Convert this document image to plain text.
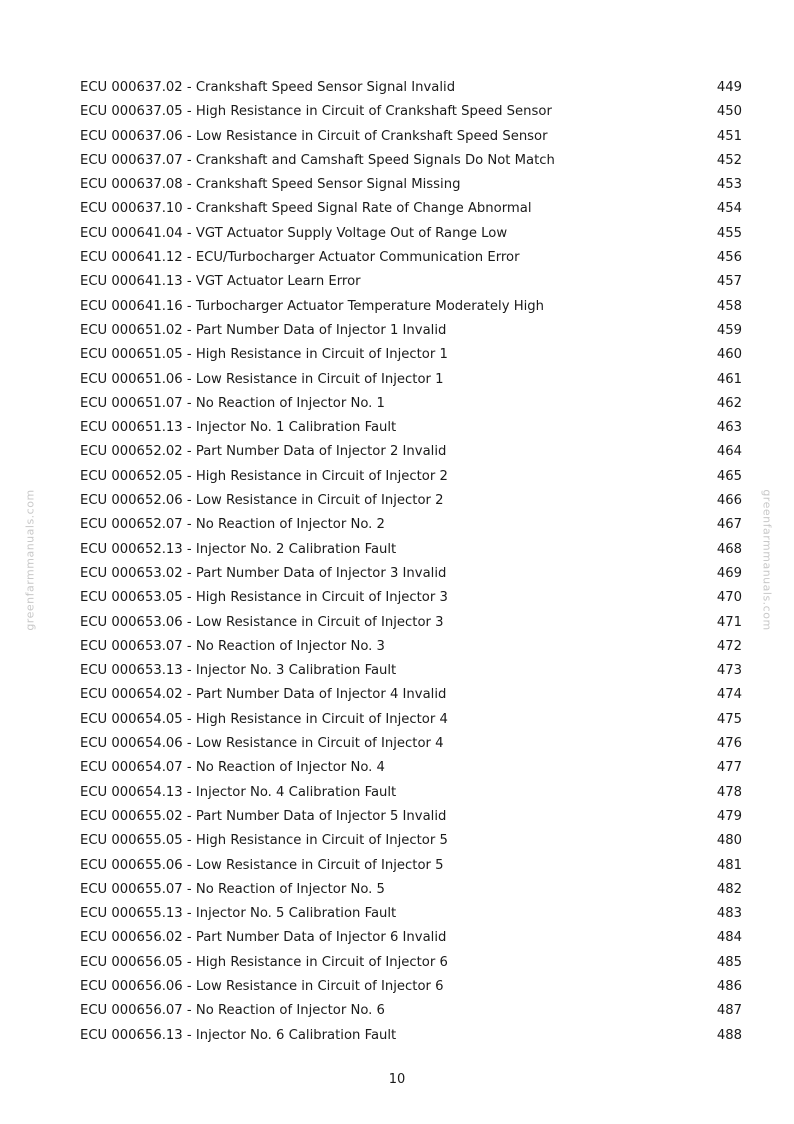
greenfarmmanuals.com	greenfarmmanuals.com
ECU 000637.02 - Crankshaft Speed Sensor Signal Invalid	449
ECU 000637.05 - High Resistance in Circuit of Crankshaft Speed Sensor	450
ECU 000637.06 - Low Resistance in Circuit of Crankshaft Speed Sensor	451
ECU 000637.07 - Crankshaft and Camshaft Speed Signals Do Not Match	452
ECU 000637.08 - Crankshaft Speed Sensor Signal Missing	453
ECU 000637.10 - Crankshaft Speed Signal Rate of Change Abnormal	454
ECU 000641.04 - VGT Actuator Supply Voltage Out of Range Low	455
ECU 000641.12 - ECU/Turbocharger Actuator Communication Error	456
ECU 000641.13 - VGT Actuator Learn Error	457
ECU 000641.16 - Turbocharger Actuator Temperature Moderately High	458
ECU 000651.02 - Part Number Data of Injector 1 Invalid	459
ECU 000651.05 - High Resistance in Circuit of Injector 1	460
ECU 000651.06 - Low Resistance in Circuit of Injector 1	461
ECU 000651.07 - No Reaction of Injector No. 1	462
ECU 000651.13 - Injector No. 1 Calibration Fault	463
ECU 000652.02 - Part Number Data of Injector 2 Invalid	464
ECU 000652.05 - High Resistance in Circuit of Injector 2	465
ECU 000652.06 - Low Resistance in Circuit of Injector 2	466
ECU 000652.07 - No Reaction of Injector No. 2	467
ECU 000652.13 - Injector No. 2 Calibration Fault	468
ECU 000653.02 - Part Number Data of Injector 3 Invalid	469
ECU 000653.05 - High Resistance in Circuit of Injector 3	470
ECU 000653.06 - Low Resistance in Circuit of Injector 3	471
ECU 000653.07 - No Reaction of Injector No. 3	472
ECU 000653.13 - Injector No. 3 Calibration Fault	473
ECU 000654.02 - Part Number Data of Injector 4 Invalid	474
ECU 000654.05 - High Resistance in Circuit of Injector 4	475
ECU 000654.06 - Low Resistance in Circuit of Injector 4	476
ECU 000654.07 - No Reaction of Injector No. 4	477
ECU 000654.13 - Injector No. 4 Calibration Fault	478
ECU 000655.02 - Part Number Data of Injector 5 Invalid	479
ECU 000655.05 - High Resistance in Circuit of Injector 5	480
ECU 000655.06 - Low Resistance in Circuit of Injector 5	481
ECU 000655.07 - No Reaction of Injector No. 5	482
ECU 000655.13 - Injector No. 5 Calibration Fault	483
ECU 000656.02 - Part Number Data of Injector 6 Invalid	484
ECU 000656.05 - High Resistance in Circuit of Injector 6	485
ECU 000656.06 - Low Resistance in Circuit of Injector 6	486
ECU 000656.07 - No Reaction of Injector No. 6	487
ECU 000656.13 - Injector No. 6 Calibration Fault	488
10
